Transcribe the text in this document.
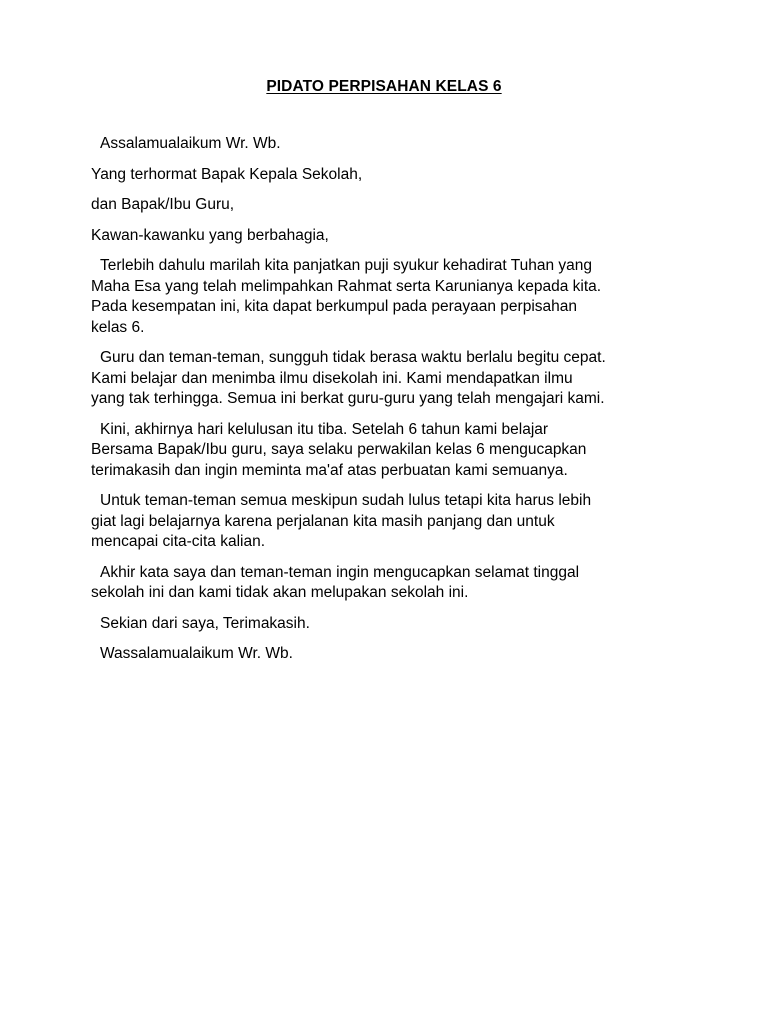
PIDATO PERPISAHAN KELAS 6

Assalamualaikum Wr. Wb.

Yang terhormat Bapak Kepala Sekolah,

dan Bapak/Ibu Guru,

Kawan-kawanku yang berbahagia,

Terlebih dahulu marilah kita panjatkan puji syukur kehadirat Tuhan yang
Maha Esa yang telah melimpahkan Rahmat serta Karunianya kepada kita.
Pada kesempatan ini, kita dapat berkumpul pada perayaan perpisahan
kelas 6.

Guru dan teman-teman, sungguh tidak berasa waktu berlalu begitu cepat.
Kami belajar dan menimba ilmu disekolah ini. Kami mendapatkan ilmu
yang tak terhingga. Semua ini berkat guru-guru yang telah mengajari kami.

Kini, akhirnya hari kelulusan itu tiba. Setelah 6 tahun kami belajar
Bersama Bapak/Ibu guru, saya selaku perwakilan kelas 6 mengucapkan
terimakasih dan ingin meminta ma'af atas perbuatan kami semuanya.

Untuk teman-teman semua meskipun sudah lulus tetapi kita harus lebih
giat lagi belajarnya karena perjalanan kita masih panjang dan untuk
mencapai cita-cita kalian.

Akhir kata saya dan teman-teman ingin mengucapkan selamat tinggal
sekolah ini dan kami tidak akan melupakan sekolah ini.

Sekian dari saya, Terimakasih.

Wassalamualaikum Wr. Wb.
